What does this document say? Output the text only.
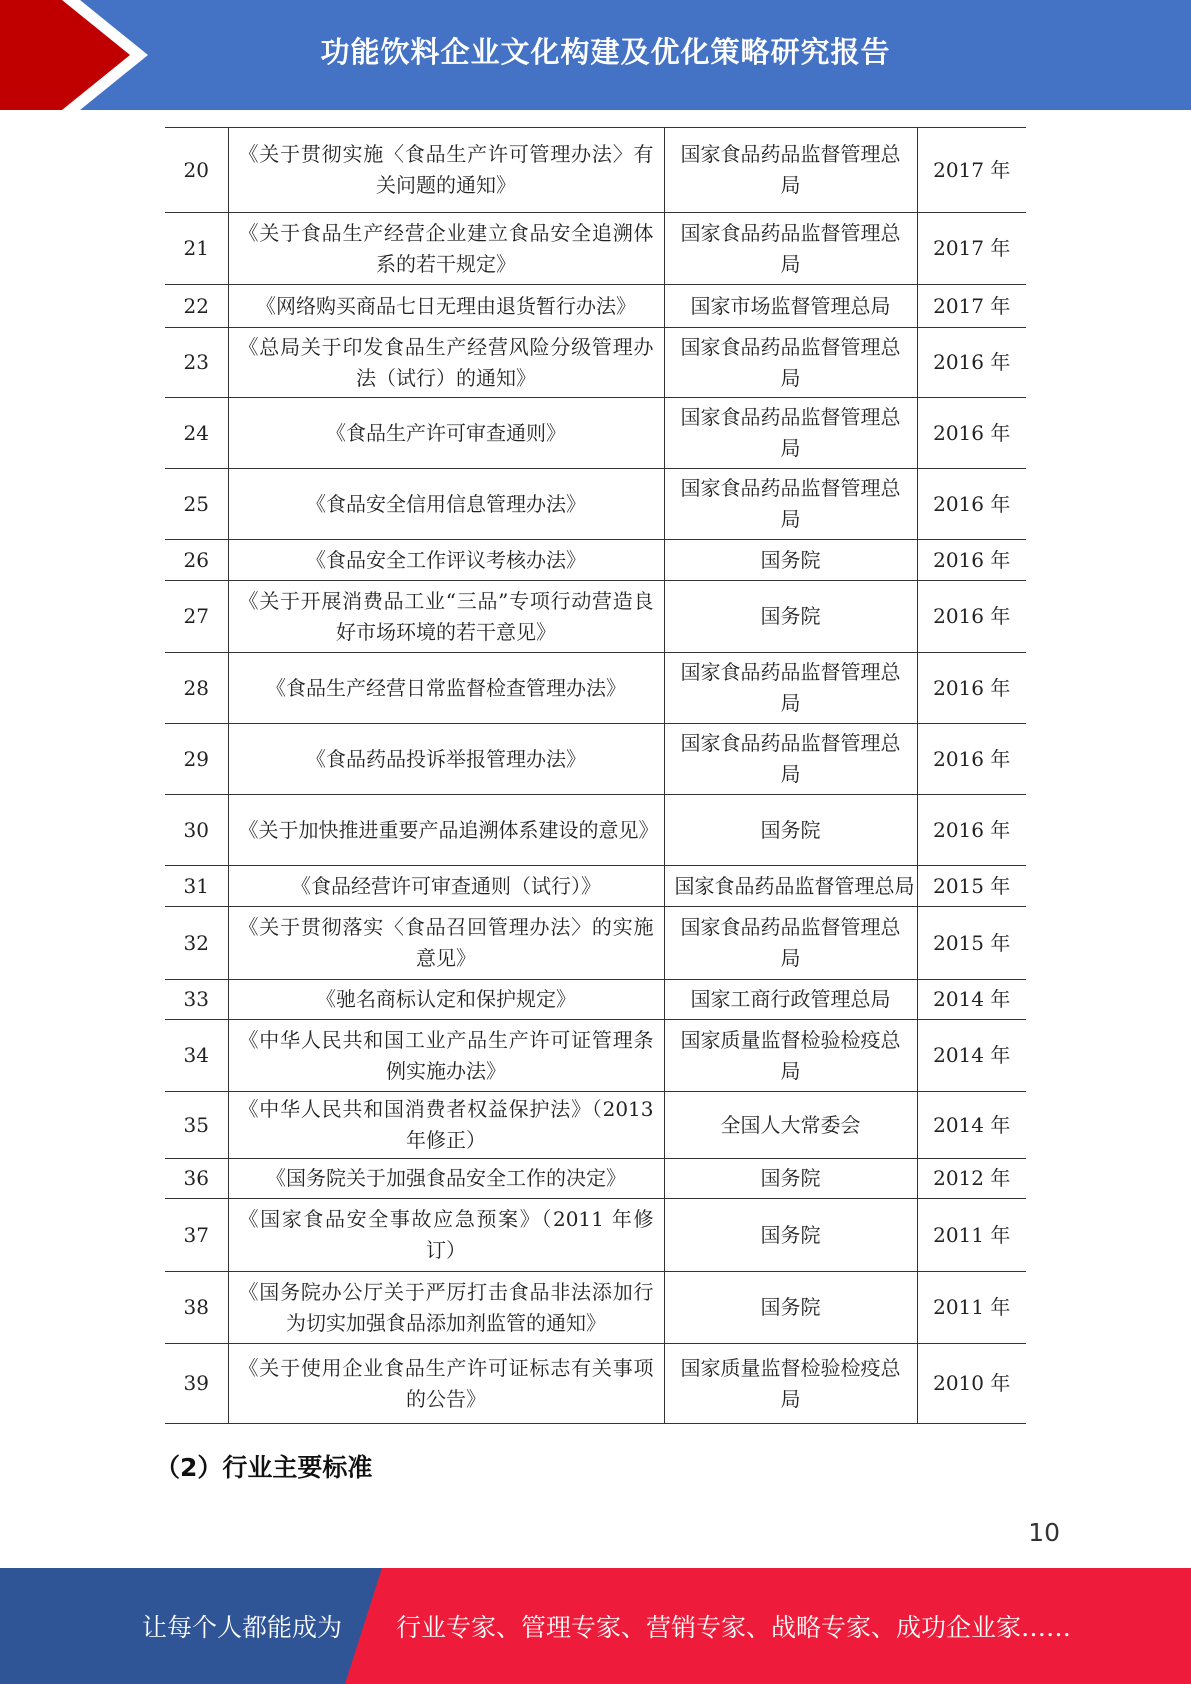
功能饮料企业文化构建及优化策略研究报告
20	《关于贯彻实施〈食品生产许可管理办法〉有关问题的通知》	国家食品药品监督管理总局	2017 年
21	《关于食品生产经营企业建立食品安全追溯体系的若干规定》	国家食品药品监督管理总局	2017 年
22	《网络购买商品七日无理由退货暂行办法》	国家市场监督管理总局	2017 年
23	《总局关于印发食品生产经营风险分级管理办法（试行）的通知》	国家食品药品监督管理总局	2016 年
24	《食品生产许可审查通则》	国家食品药品监督管理总局	2016 年
25	《食品安全信用信息管理办法》	国家食品药品监督管理总局	2016 年
26	《食品安全工作评议考核办法》	国务院	2016 年
27	《关于开展消费品工业“三品”专项行动营造良好市场环境的若干意见》	国务院	2016 年
28	《食品生产经营日常监督检查管理办法》	国家食品药品监督管理总局	2016 年
29	《食品药品投诉举报管理办法》	国家食品药品监督管理总局	2016 年
30	《关于加快推进重要产品追溯体系建设的意见》	国务院	2016 年
31	《食品经营许可审查通则（试行）》	国家食品药品监督管理总局	2015 年
32	《关于贯彻落实〈食品召回管理办法〉的实施意见》	国家食品药品监督管理总局	2015 年
33	《驰名商标认定和保护规定》	国家工商行政管理总局	2014 年
34	《中华人民共和国工业产品生产许可证管理条例实施办法》	国家质量监督检验检疫总局	2014 年
35	《中华人民共和国消费者权益保护法》（2013 年修正）	全国人大常委会	2014 年
36	《国务院关于加强食品安全工作的决定》	国务院	2012 年
37	《国家食品安全事故应急预案》（2011 年修订）	国务院	2011 年
38	《国务院办公厅关于严厉打击食品非法添加行为切实加强食品添加剂监管的通知》	国务院	2011 年
39	《关于使用企业食品生产许可证标志有关事项的公告》	国家质量监督检验检疫总局	2010 年
（2）行业主要标准
10
让每个人都能成为 行业专家、管理专家、营销专家、战略专家、成功企业家……
